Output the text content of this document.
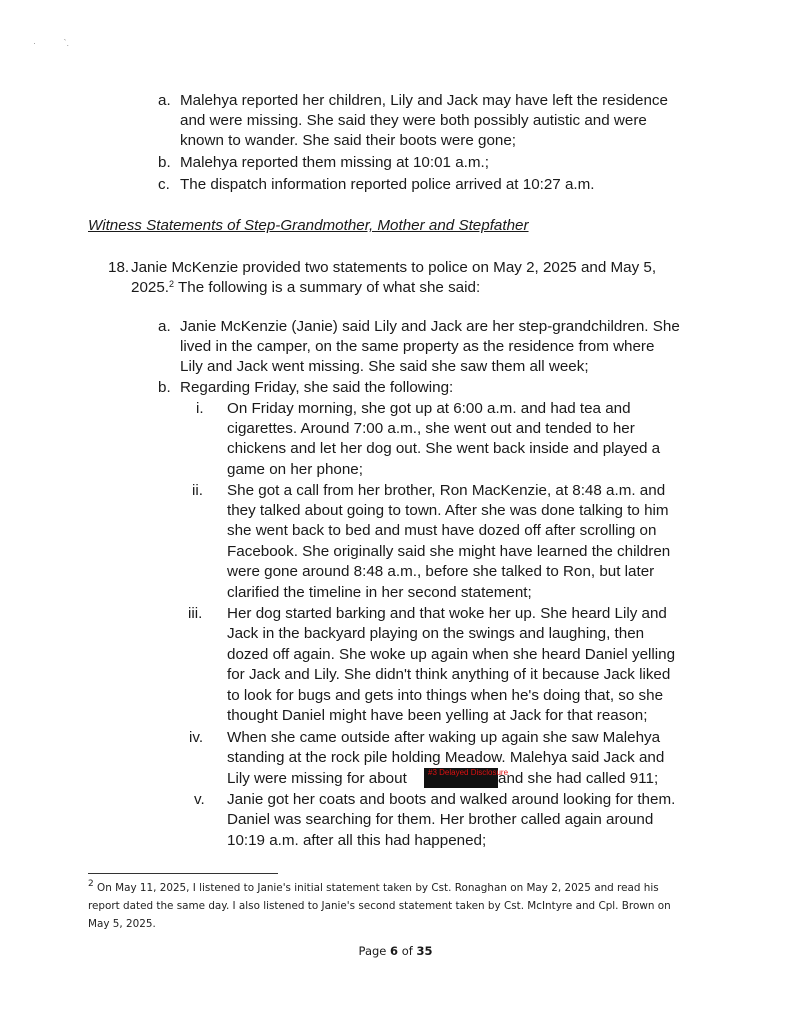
·           `.
a. Malehya reported her children, Lily and Jack may have left the residence
and were missing. She said they were both possibly autistic and were
known to wander. She said their boots were gone;
b. Malehya reported them missing at 10:01 a.m.;
c. The dispatch information reported police arrived at 10:27 a.m.
Witness Statements of Step-Grandmother, Mother and Stepfather
18. Janie McKenzie provided two statements to police on May 2, 2025 and May 5,
2025.$^2$ The following is a summary of what she said:
a. Janie McKenzie (Janie) said Lily and Jack are her step-grandchildren. She
lived in the camper, on the same property as the residence from where
Lily and Jack went missing. She said she saw them all week;
b. Regarding Friday, she said the following:
i. On Friday morning, she got up at 6:00 a.m. and had tea and
cigarettes. Around 7:00 a.m., she went out and tended to her
chickens and let her dog out. She went back inside and played a
game on her phone;
ii. She got a call from her brother, Ron MacKenzie, at 8:48 a.m. and
they talked about going to town. After she was done talking to him
she went back to bed and must have dozed off after scrolling on
Facebook. She originally said she might have learned the children
were gone around 8:48 a.m., before she talked to Ron, but later
clarified the timeline in her second statement;
iii. Her dog started barking and that woke her up. She heard Lily and
Jack in the backyard playing on the swings and laughing, then
dozed off again. She woke up again when she heard Daniel yelling
for Jack and Lily. She didn't think anything of it because Jack liked
to look for bugs and gets into things when he's doing that, so she
thought Daniel might have been yelling at Jack for that reason;
iv. When she came outside after waking up again she saw Malehya
standing at the rock pile holding Meadow. Malehya said Jack and
Lily were missing for about	#3 Delayed Disclosure
and she had called 911;
v. Janie got her coats and boots and walked around looking for them.
Daniel was searching for them. Her brother called again around
10:19 a.m. after all this had happened;
$^2$ On May 11, 2025, I listened to Janie's initial statement taken by Cst. Ronaghan on May 2, 2025 and read his
report dated the same day. I also listened to Janie's second statement taken by Cst. McIntyre and Cpl. Brown on
May 5, 2025.
Page 6 of 35
